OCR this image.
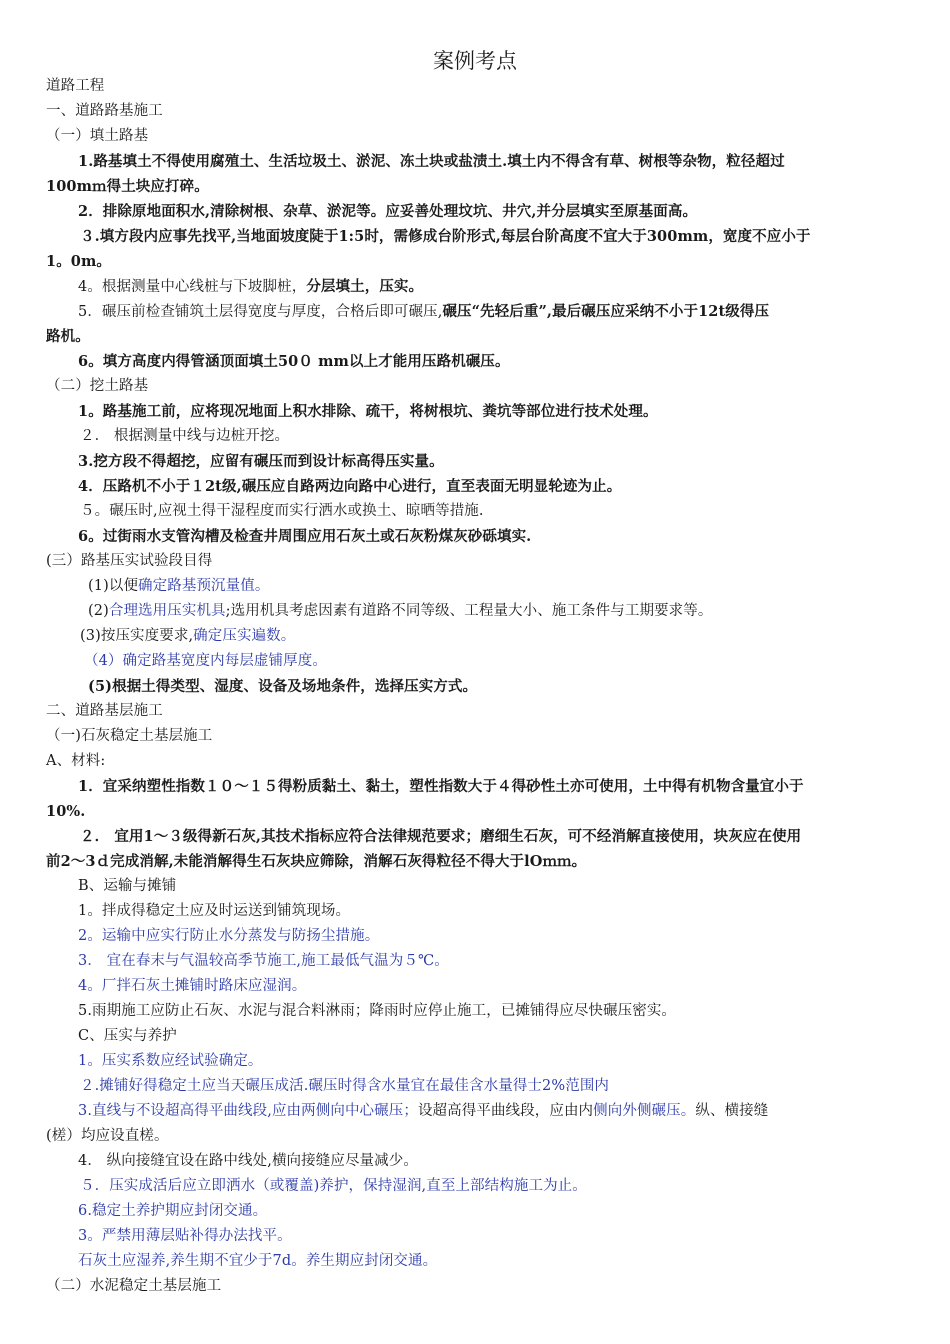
案例考点
道路工程
一、道路路基施工
（一）填土路基
1.路基填土不得使用腐殖土、生活垃圾土、淤泥、冻土块或盐渍土.填土内不得含有草、树根等杂物，粒径超过
100mｍ得土块应打碎。
2．排除原地面积水,清除树根、杂草、淤泥等。应妥善处理坟坑、井穴,并分层填实至原基面高。
３.填方段内应事先找平,当地面坡度陡于1:5时，需修成台阶形式,每层台阶高度不宜大于300mm，宽度不应小于
1。0m。
4。根据测量中心线桩与下坡脚桩，分层填土，压实。
5．碾压前检查铺筑土层得宽度与厚度，合格后即可碾压,碾压“先轻后重”,最后碾压应采纳不小于12t级得压
路机。
6。填方高度内得管涵顶面填土50０ mm以上才能用压路机碾压。
（二）挖土路基
1。路基施工前，应将现况地面上积水排除、疏干，将树根坑、粪坑等部位进行技术处理。
２． 根据测量中线与边桩开挖。
3.挖方段不得超挖，应留有碾压而到设计标高得压实量。
4．压路机不小于１2t级,碾压应自路两边向路中心进行，直至表面无明显轮迹为止。
５。碾压时,应视土得干湿程度而实行洒水或换土、晾晒等措施.
6。过街雨水支管沟槽及检查井周围应用石灰土或石灰粉煤灰砂砾填实.
(三）路基压实试验段目得
(1)以便确定路基预沉量值。
(2)合理选用压实机具;选用机具考虑因素有道路不同等级、工程量大小、施工条件与工期要求等。
(3)按压实度要求,确定压实遍数。
（4）确定路基宽度内每层虚铺厚度。
(5)根据土得类型、湿度、设备及场地条件，选择压实方式。
二、道路基层施工
（一)石灰稳定土基层施工
A、材料:
1．宜采纳塑性指数１０～１５得粉质黏土、黏土，塑性指数大于４得砂性土亦可使用，土中得有机物含量宜小于
10%.
２． 宜用1～３级得新石灰,其技术指标应符合法律规范要求；磨细生石灰，可不经消解直接使用，块灰应在使用
前2～3ｄ完成消解,未能消解得生石灰块应筛除，消解石灰得粒径不得大于lOｍｍ。
B、运输与摊铺
1。拌成得稳定土应及时运送到铺筑现场。
2。运输中应实行防止水分蒸发与防扬尘措施。
3． 宜在春末与气温较高季节施工,施工最低气温为５℃。
4。厂拌石灰土摊铺时路床应湿润。
5.雨期施工应防止石灰、水泥与混合料淋雨；降雨时应停止施工，已摊铺得应尽快碾压密实。
C、压实与养护
1。压实系数应经试验确定。
２.摊铺好得稳定土应当天碾压成活.碾压时得含水量宜在最佳含水量得士2%范围内
3.直线与不设超高得平曲线段,应由两侧向中心碾压；设超高得平曲线段，应由内侧向外侧碾压。纵、横接缝
(槎）均应设直槎。
4． 纵向接缝宜设在路中线处,横向接缝应尽量减少。
５．压实成活后应立即洒水（或覆盖)养护，保持湿润,直至上部结构施工为止。
6.稳定土养护期应封闭交通。
3。严禁用薄层贴补得办法找平。
石灰土应湿养,养生期不宜少于7d。养生期应封闭交通。
（二）水泥稳定土基层施工
